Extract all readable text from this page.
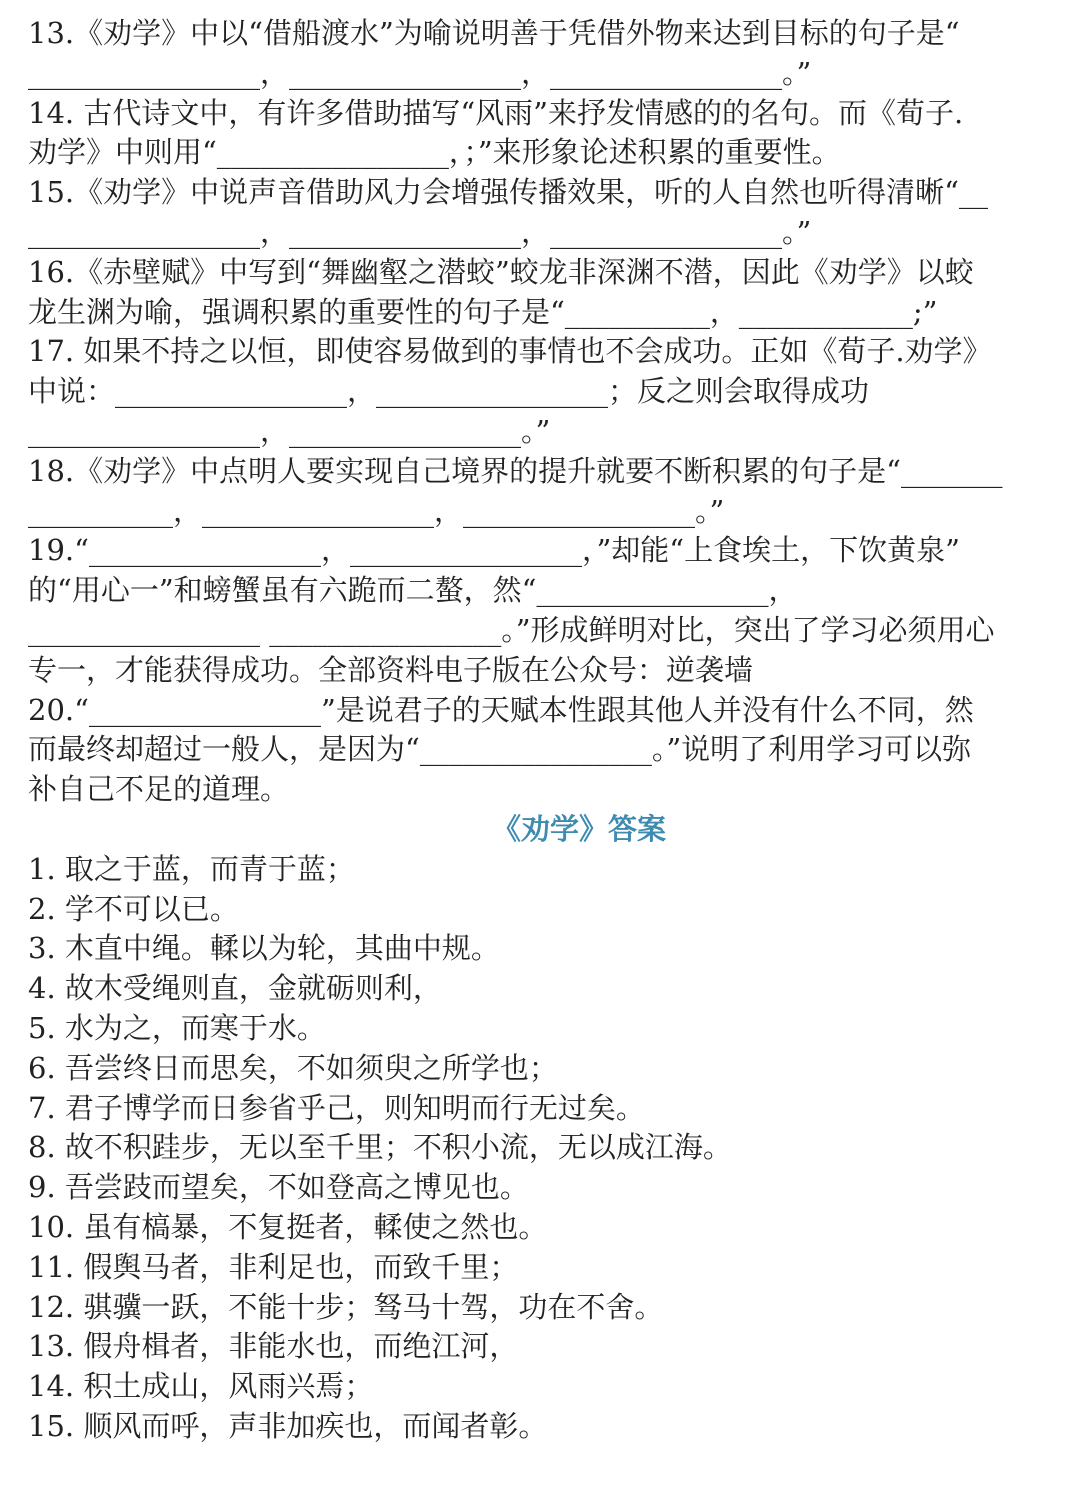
13.《劝学》中以“借船渡水”为喻说明善于凭借外物来达到目标的句子是“
________________，________________，________________。”
14. 古代诗文中，有许多借助描写“风雨”来抒发情感的的名句。而《荀子.
劝学》中则用“________________，；”来形象论述积累的重要性。
15.《劝学》中说声音借助风力会增强传播效果，听的人自然也听得清晰“__
________________，________________，________________。”
16.《赤壁赋》中写到“舞幽壑之潜蛟”蛟龙非深渊不潜，因此《劝学》以蛟
龙生渊为喻，强调积累的重要性的句子是“__________，____________;”
17. 如果不持之以恒，即使容易做到的事情也不会成功。正如《荀子.劝学》
中说：________________，________________；反之则会取得成功
________________，________________。”
18.《劝学》中点明人要实现自己境界的提升就要不断积累的句子是“_______
__________，________________，________________。”
19.“________________，________________，”却能“上食埃土，下饮黄泉”
的“用心一”和螃蟹虽有六跪而二螯，然“________________，
________________ ________________。”形成鲜明对比，突出了学习必须用心
专一，才能获得成功。全部资料电子版在公众号：逆袭墙
20.“________________”是说君子的天赋本性跟其他人并没有什么不同，然
而最终却超过一般人，是因为“________________。”说明了利用学习可以弥
补自己不足的道理。
《劝学》答案
1. 取之于蓝，而青于蓝；
2. 学不可以已。
3. 木直中绳。輮以为轮，其曲中规。
4. 故木受绳则直，金就砺则利，
5. 水为之，而寒于水。
6. 吾尝终日而思矣，不如须臾之所学也；
7. 君子博学而日参省乎己，则知明而行无过矣。
8. 故不积跬步，无以至千里；不积小流，无以成江海。
9. 吾尝跂而望矣，不如登高之博见也。
10. 虽有槁暴，不复挺者，輮使之然也。
11. 假舆马者，非利足也，而致千里；
12. 骐骥一跃，不能十步；驽马十驾，功在不舍。
13. 假舟楫者，非能水也，而绝江河，
14. 积土成山，风雨兴焉；
15. 顺风而呼，声非加疾也，而闻者彰。
